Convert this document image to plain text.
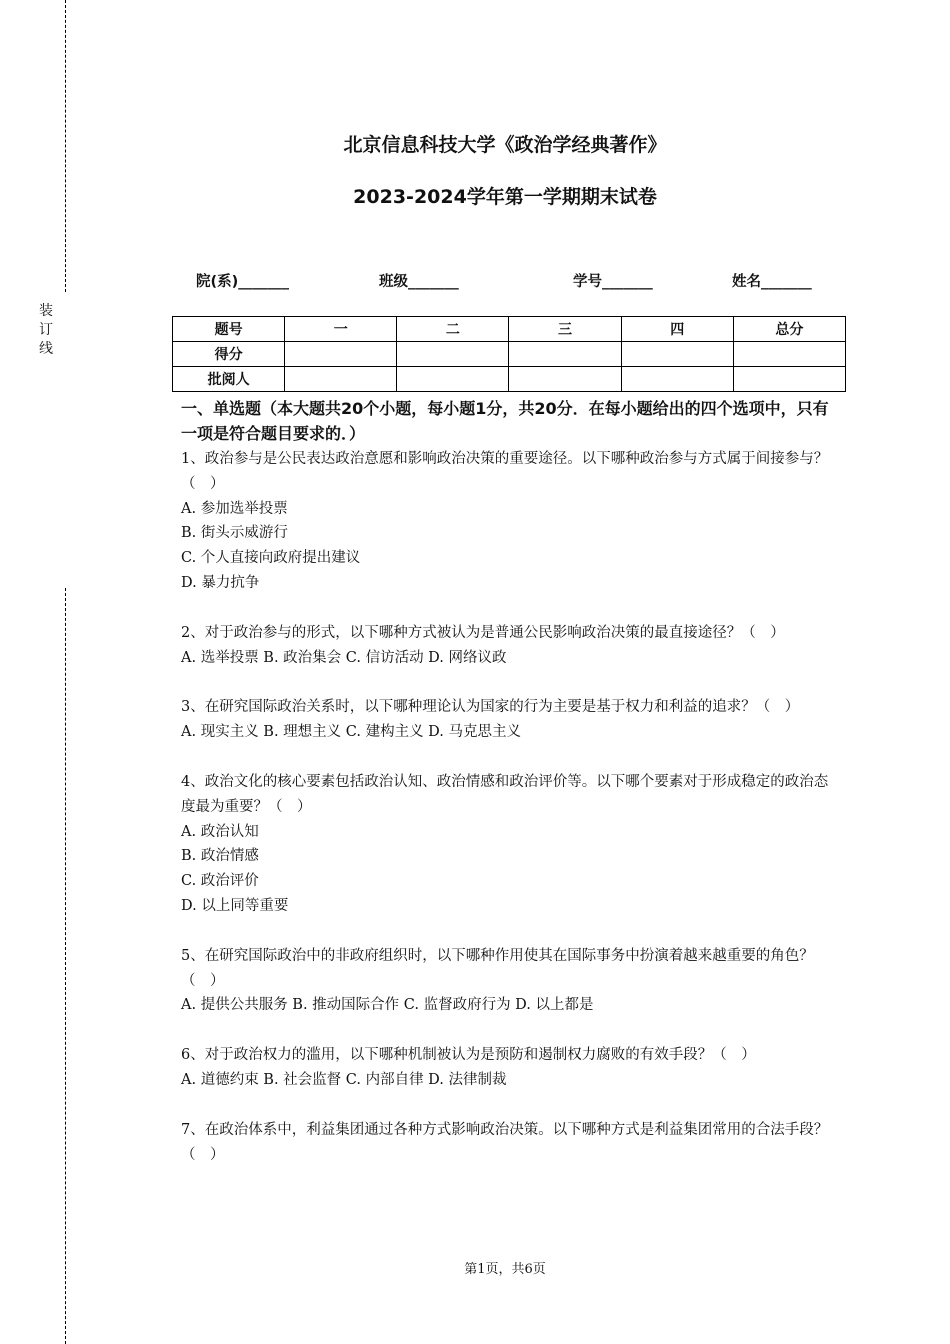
装订线
北京信息科技大学《政治学经典著作》
2023-2024学年第一学期期末试卷
院(系)_______	班级_______	学号_______	姓名_______
题号	一	二	三	四	总分
得分					
批阅人					
一、单选题（本大题共20个小题，每小题1分，共20分．在每小题给出的四个选项中，只有一项是符合题目要求的．）
1、政治参与是公民表达政治意愿和影响政治决策的重要途径。以下哪种政治参与方式属于间接参与？（　）
A. 参加选举投票
B. 街头示威游行
C. 个人直接向政府提出建议
D. 暴力抗争
2、对于政治参与的形式，以下哪种方式被认为是普通公民影响政治决策的最直接途径？（　）
A. 选举投票 B. 政治集会 C. 信访活动 D. 网络议政
3、在研究国际政治关系时，以下哪种理论认为国家的行为主要是基于权力和利益的追求？（　）
A. 现实主义 B. 理想主义 C. 建构主义 D. 马克思主义
4、政治文化的核心要素包括政治认知、政治情感和政治评价等。以下哪个要素对于形成稳定的政治态度最为重要？（　）
A. 政治认知
B. 政治情感
C. 政治评价
D. 以上同等重要
5、在研究国际政治中的非政府组织时，以下哪种作用使其在国际事务中扮演着越来越重要的角色？（　）
A. 提供公共服务 B. 推动国际合作 C. 监督政府行为 D. 以上都是
6、对于政治权力的滥用，以下哪种机制被认为是预防和遏制权力腐败的有效手段？（　）
A. 道德约束 B. 社会监督 C. 内部自律 D. 法律制裁
7、在政治体系中，利益集团通过各种方式影响政治决策。以下哪种方式是利益集团常用的合法手段？（　）
第1页，共6页
